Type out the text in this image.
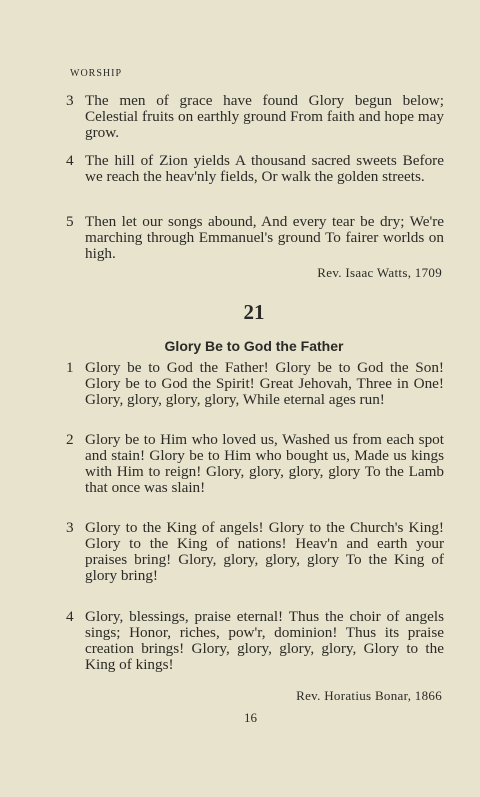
WORSHIP
3 The men of grace have found Glory begun below; Celestial fruits on earthly ground From faith and hope may grow.
4 The hill of Zion yields A thousand sacred sweets Before we reach the heav'nly fields, Or walk the golden streets.
5 Then let our songs abound, And every tear be dry; We're marching through Emmanuel's ground To fairer worlds on high.
Rev. Isaac Watts, 1709
21
Glory Be to God the Father
1 Glory be to God the Father! Glory be to God the Son! Glory be to God the Spirit! Great Jehovah, Three in One! Glory, glory, glory, glory, While eternal ages run!
2 Glory be to Him who loved us, Washed us from each spot and stain! Glory be to Him who bought us, Made us kings with Him to reign! Glory, glory, glory, glory To the Lamb that once was slain!
3 Glory to the King of angels! Glory to the Church's King! Glory to the King of nations! Heav'n and earth your praises bring! Glory, glory, glory, glory To the King of glory bring!
4 Glory, blessings, praise eternal! Thus the choir of angels sings; Honor, riches, pow'r, dominion! Thus its praise creation brings! Glory, glory, glory, glory, Glory to the King of kings!
Rev. Horatius Bonar, 1866
16
